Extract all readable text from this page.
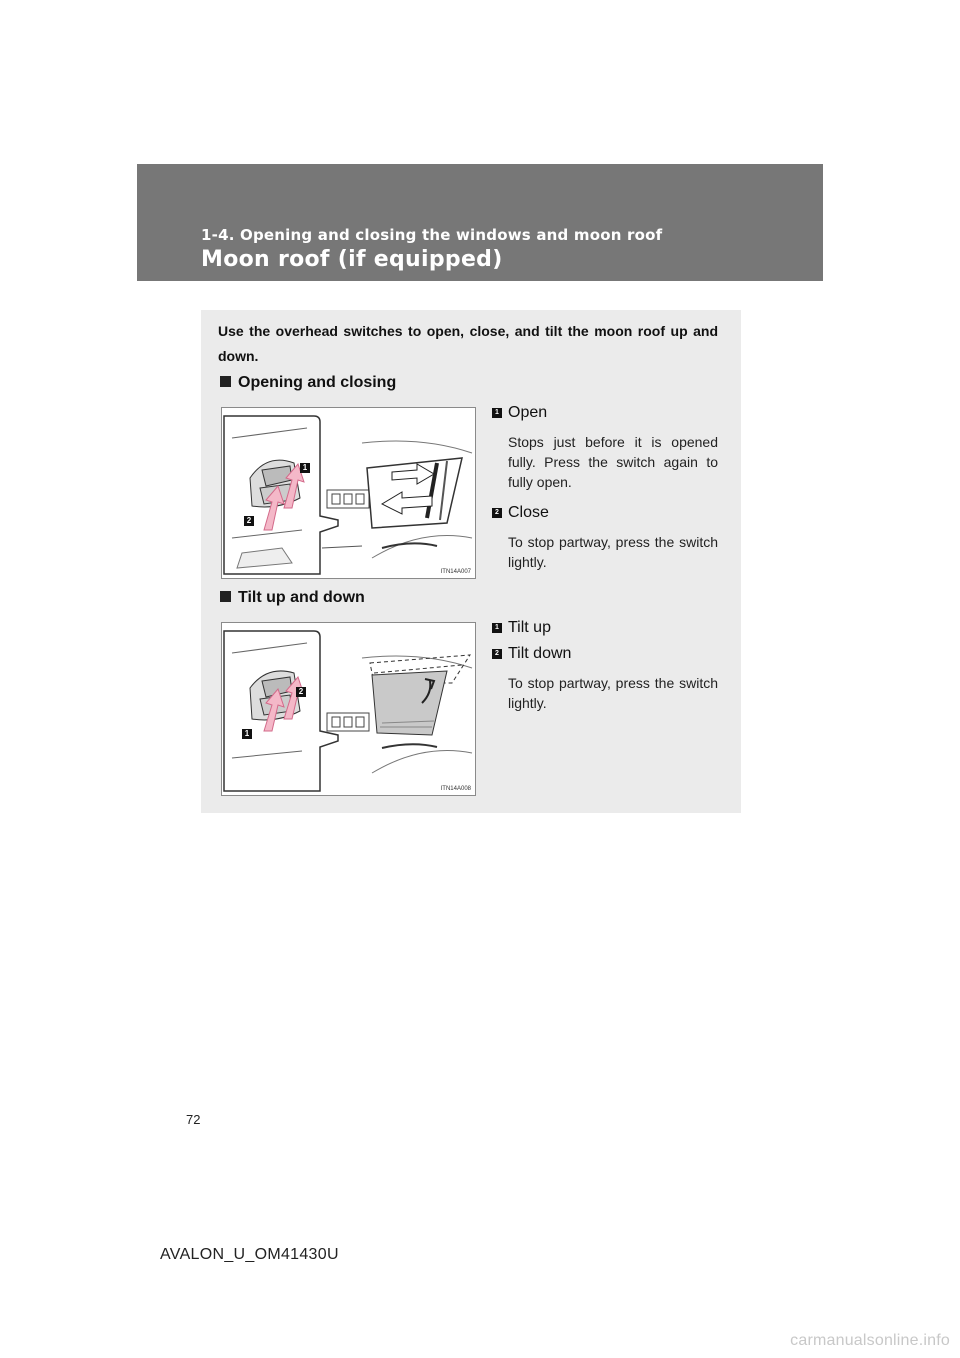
1-4. Opening and closing the windows and moon roof
Moon roof (if equipped)
Use the overhead switches to open, close, and tilt the moon roof up and down.
Opening and closing
1
2
ITN14A007
1 Open
Stops just before it is opened fully. Press the switch again to fully open.
2 Close
To stop partway, press the switch lightly.
Tilt up and down
2
1
ITN14A008
1 Tilt up
2 Tilt down
To stop partway, press the switch lightly.
72
AVALON_U_OM41430U
carmanualsonline.info
